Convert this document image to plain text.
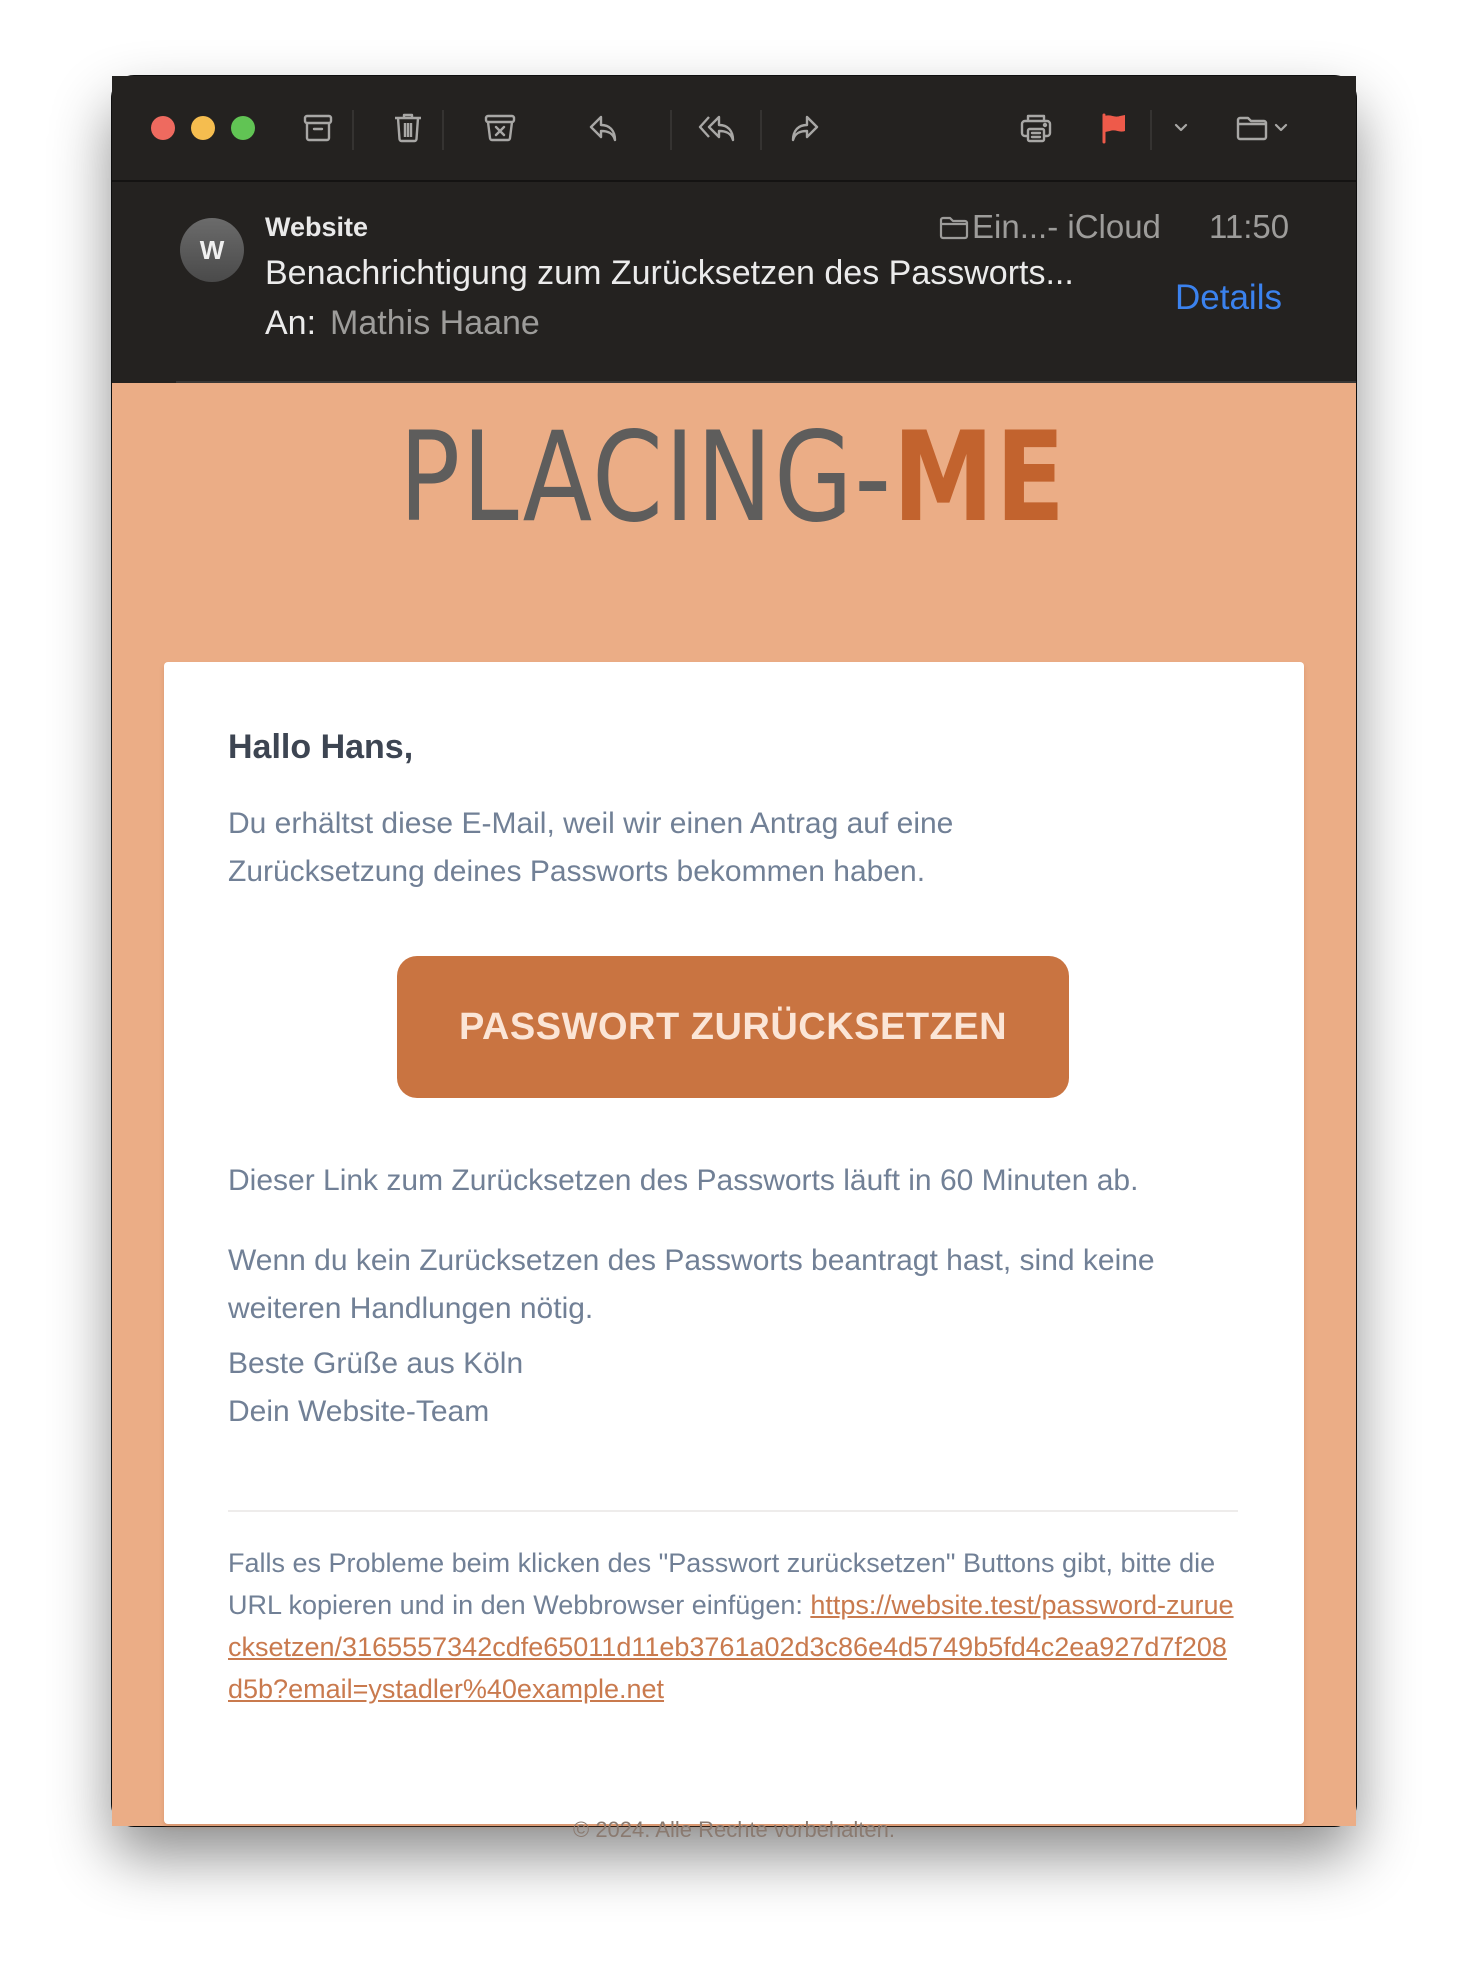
W
Website
Benachrichtigung zum Zurücksetzen des Passworts...
An: Mathis Haane
Ein...- iCloud 11:50
Details
PLACING-ME
Hallo Hans,
Du erhältst diese E-Mail, weil wir einen Antrag auf eine Zurücksetzung deines Passworts bekommen haben.
PASSWORT ZURÜCKSETZEN
Dieser Link zum Zurücksetzen des Passworts läuft in 60 Minuten ab.
Wenn du kein Zurücksetzen des Passworts beantragt hast, sind keine weiteren Handlungen nötig.
Beste Grüße aus Köln
Dein Website-Team
Falls es Probleme beim klicken des "Passwort zurücksetzen" Buttons gibt, bitte die URL kopieren und in den Webbrowser einfügen: https://website.test/password-zuruecksetzen/3165557342cdfe65011d11eb3761a02d3c86e4d5749b5fd4c2ea927d7f208d5b?email=ystadler%40example.net
© 2024. Alle Rechte vorbehalten.
